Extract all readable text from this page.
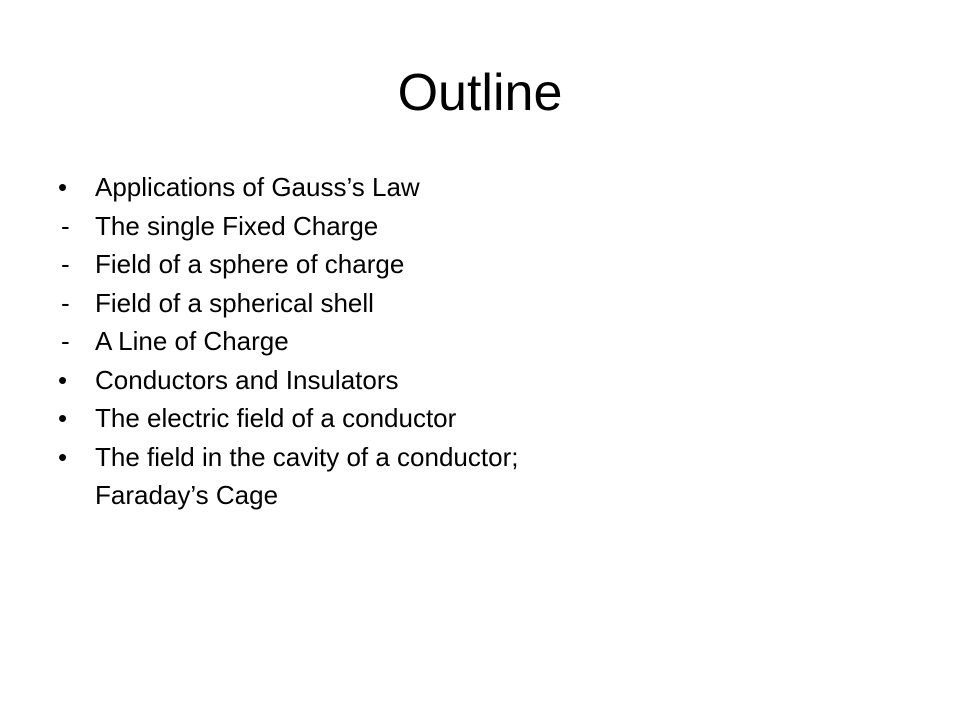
Outline
•	Applications of Gauss’s Law
- The single Fixed Charge
- Field of a sphere of charge
- Field of a spherical shell
- A Line of Charge
•	Conductors and Insulators
•	The electric field of a conductor
•	The field in the cavity of a conductor;
Faraday’s Cage
